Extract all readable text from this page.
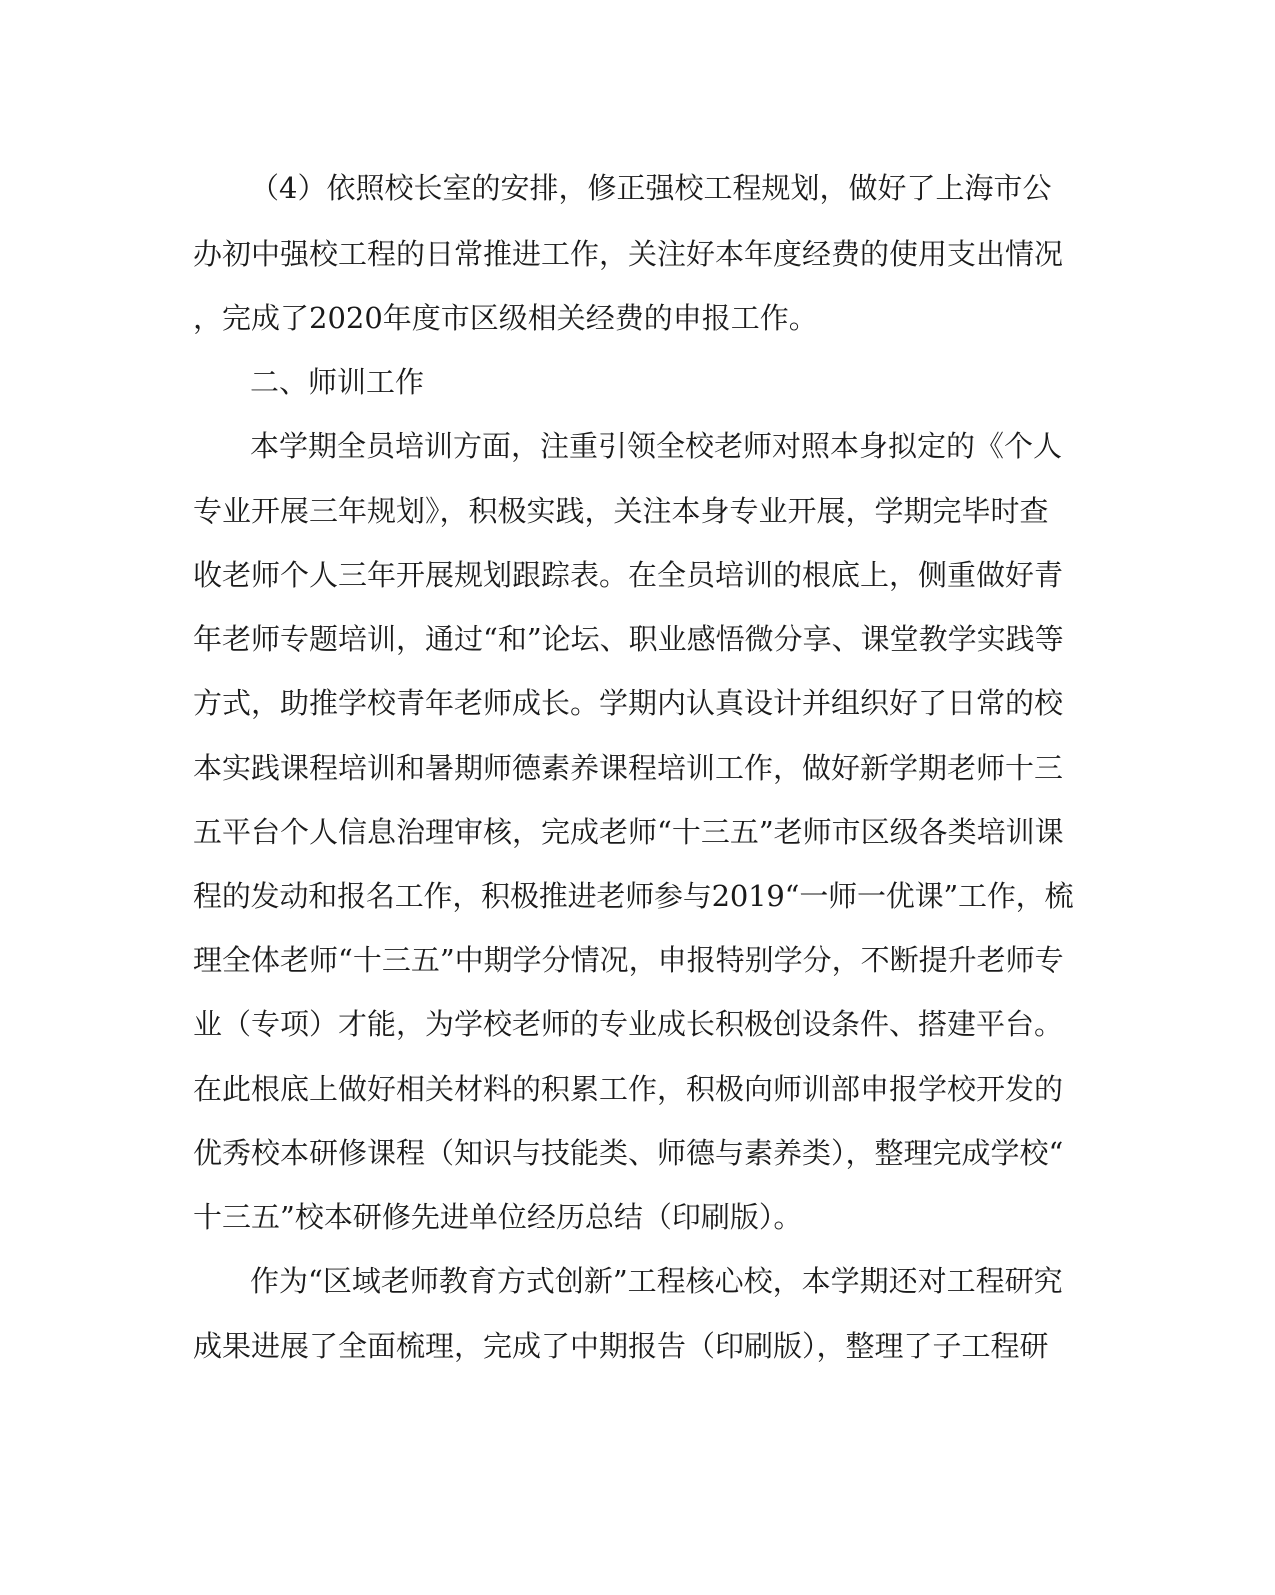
（4）依照校长室的安排，修正强校工程规划，做好了上海市公
办初中强校工程的日常推进工作，关注好本年度经费的使用支出情况
，完成了2020年度市区级相关经费的申报工作。
二、师训工作
本学期全员培训方面，注重引领全校老师对照本身拟定的《个人
专业开展三年规划》，积极实践，关注本身专业开展，学期完毕时查
收老师个人三年开展规划跟踪表。在全员培训的根底上，侧重做好青
年老师专题培训，通过“和”论坛、职业感悟微分享、课堂教学实践等
方式，助推学校青年老师成长。学期内认真设计并组织好了日常的校
本实践课程培训和暑期师德素养课程培训工作，做好新学期老师十三
五平台个人信息治理审核，完成老师“十三五”老师市区级各类培训课
程的发动和报名工作，积极推进老师参与2019“一师一优课”工作，梳
理全体老师“十三五”中期学分情况，申报特别学分，不断提升老师专
业（专项）才能，为学校老师的专业成长积极创设条件、搭建平台。
在此根底上做好相关材料的积累工作，积极向师训部申报学校开发的
优秀校本研修课程（知识与技能类、师德与素养类），整理完成学校“
十三五”校本研修先进单位经历总结（印刷版）。
作为“区域老师教育方式创新”工程核心校，本学期还对工程研究
成果进展了全面梳理，完成了中期报告（印刷版），整理了子工程研
